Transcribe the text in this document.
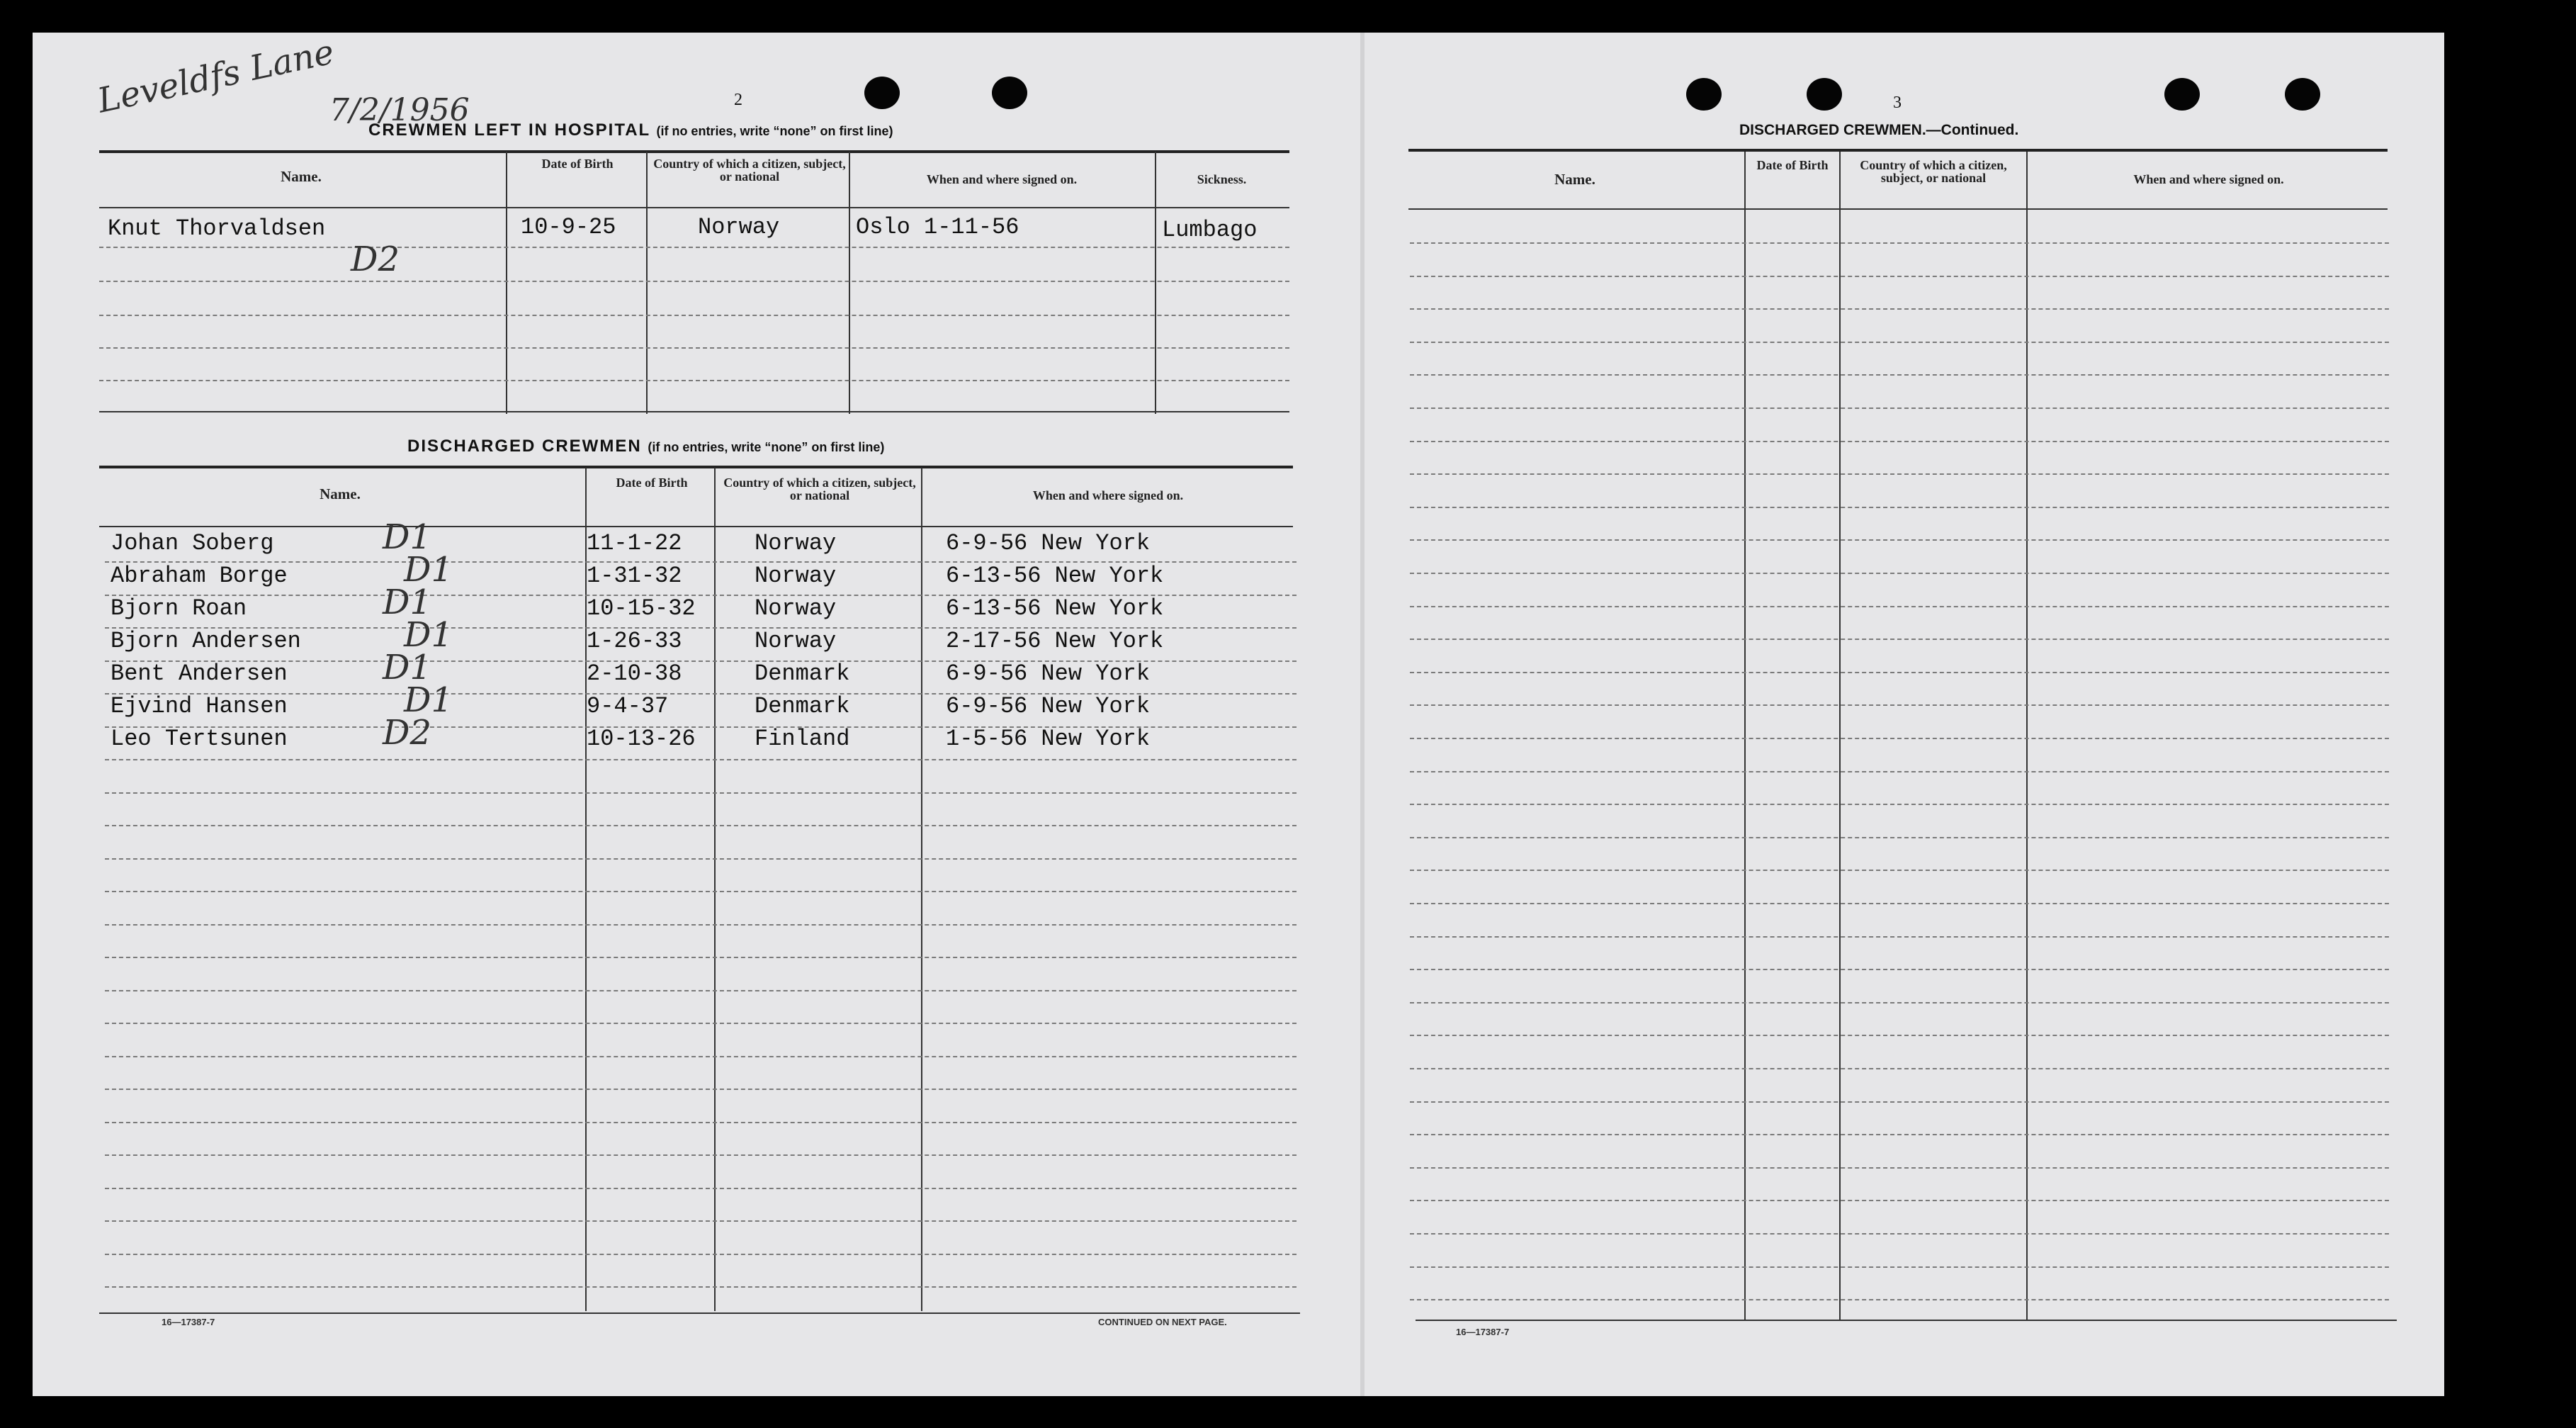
Leveldfs Lane
7/2/1956	2
CREWMEN LEFT IN HOSPITAL (if no entries, write “none” on first line)
Name.
Date of Birth	Country of which a citizen, subject, or national	When and where signed on.	Sickness.
Knut Thorvaldsen	10-9-25	Norway	Oslo 1-11-56	Lumbago
D2
DISCHARGED CREWMEN (if no entries, write “none” on first line)
Name.
Date of Birth	Country of which a citizen, subject, or national	When and where signed on.
Johan Soberg	D1	11-1-22	Norway	6-9-56 New York
Abraham Borge	D1	1-31-32	Norway	6-13-56 New York
Bjorn Roan	D1	10-15-32	Norway	6-13-56 New York
Bjorn Andersen	D1	1-26-33	Norway	2-17-56 New York
Bent Andersen	D1	2-10-38	Denmark	6-9-56 New York
Ejvind Hansen	D1	9-4-37	Denmark	6-9-56 New York
Leo Tertsunen	D2	10-13-26	Finland	1-5-56 New York
16—17387-7	CONTINUED ON NEXT PAGE.
3
DISCHARGED CREWMEN.—Continued.
Name.
Date of Birth	Country of which a citizen, subject, or national	When and where signed on.
16—17387-7
